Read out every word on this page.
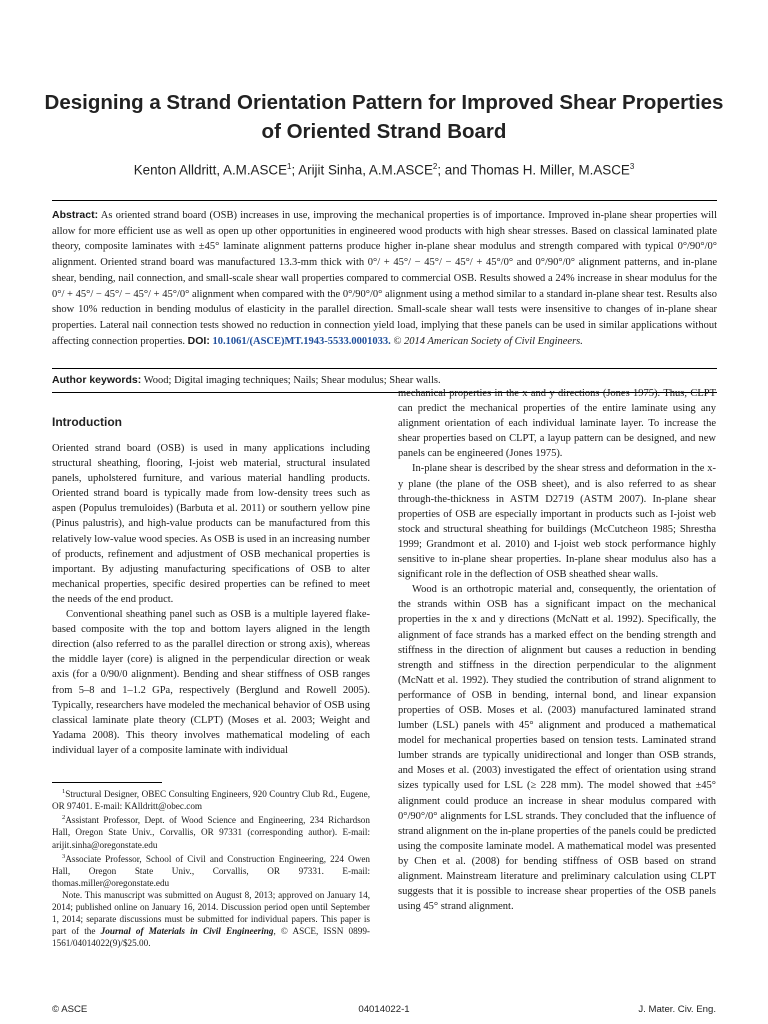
Designing a Strand Orientation Pattern for Improved Shear Properties of Oriented Strand Board
Kenton Alldritt, A.M.ASCE$^1$; Arijit Sinha, A.M.ASCE$^2$; and Thomas H. Miller, M.ASCE$^3$

Abstract: As oriented strand board (OSB) increases in use, improving the mechanical properties is of importance. Improved in-plane shear properties will allow for more efficient use as well as open up other opportunities in engineered wood products with high shear stresses. Based on classical laminated plate theory, composite laminates with ±45° laminate alignment patterns produce higher in-plane shear modulus and strength compared with typical 0°/90°/0° alignment. Oriented strand board was manufactured 13.3-mm thick with 0°/ + 45°/ − 45°/ − 45°/ + 45°/0° and 0°/90°/0° alignment patterns, and in-plane shear, bending, nail connection, and small-scale shear wall properties compared to commercial OSB. Results showed a 24% increase in shear modulus for the 0°/ + 45°/ − 45°/ − 45°/ + 45°/0° alignment when compared with the 0°/90°/0° alignment using a method similar to a standard in-plane shear test. Results also show 10% reduction in bending modulus of elasticity in the parallel direction. Small-scale shear wall tests were insensitive to changes of in-plane shear properties. Lateral nail connection tests showed no reduction in connection yield load, implying that these panels can be used in similar applications without affecting connection properties. DOI: 10.1061/(ASCE)MT.1943-5533.0001033. © 2014 American Society of Civil Engineers.

Author keywords: Wood; Digital imaging techniques; Nails; Shear modulus; Shear walls.

Introduction

Oriented strand board (OSB) is used in many applications including structural sheathing, flooring, I-joist web material, structural insulated panels, upholstered furniture, and various material handling products. Oriented strand board is typically made from low-density trees such as aspen (Populus tremuloides) (Barbuta et al. 2011) or southern yellow pine (Pinus palustris), and high-value products can be manufactured from this relatively low-value wood species. As OSB is used in an increasing number of products, refinement and adjustment of OSB mechanical properties is important. By adjusting manufacturing specifications of OSB to alter mechanical properties, specific desired properties can be refined to meet the needs of the end product.

Conventional sheathing panel such as OSB is a multiple layered flake-based composite with the top and bottom layers aligned in the length direction (also referred to as the parallel direction or strong axis), whereas the middle layer (core) is aligned in the perpendicular direction or weak axis (for a 0/90/0 alignment). Bending and shear stiffness of OSB ranges from 5–8 and 1–1.2 GPa, respectively (Berglund and Rowell 2005). Typically, researchers have modeled the mechanical behavior of OSB using classical laminate plate theory (CLPT) (Moses et al. 2003; Weight and Yadama 2008). This theory involves mathematical modeling of each individual layer of a composite laminate with individual

mechanical properties in the x and y directions (Jones 1975). Thus, CLPT can predict the mechanical properties of the entire laminate using any alignment orientation of each individual laminate layer. To increase the shear properties based on CLPT, a layup pattern can be designed, and new panels can be engineered (Jones 1975).

In-plane shear is described by the shear stress and deformation in the x-y plane (the plane of the OSB sheet), and is also referred to as shear through-the-thickness in ASTM D2719 (ASTM 2007). In-plane shear properties of OSB are especially important in products such as I-joist web stock and structural sheathing for buildings (McCutcheon 1985; Shrestha 1999; Grandmont et al. 2010) and I-joist web stock performance highly sensitive to in-plane shear properties. In-plane shear modulus also has a significant role in the deflection of OSB sheathed shear walls.

Wood is an orthotropic material and, consequently, the orientation of the strands within OSB has a significant impact on the mechanical properties in the x and y directions (McNatt et al. 1992). Specifically, the alignment of face strands has a marked effect on the bending strength and stiffness in the direction of alignment but causes a reduction in bending strength and stiffness in the direction perpendicular to the alignment (McNatt et al. 1992). They studied the contribution of strand alignment to performance of OSB in bending, internal bond, and linear expansion properties of OSB. Moses et al. (2003) manufactured laminated strand lumber (LSL) panels with 45° alignment and produced a mathematical model for mechanical properties based on tension tests. Laminated strand lumber strands are typically unidirectional and longer than OSB strands, and Moses et al. (2003) investigated the effect of orientation using strand sizes typically used for LSL (≥ 228 mm). The model showed that ±45° alignment could produce an increase in shear modulus compared with 0°/90°/0° alignments for LSL strands. They concluded that the influence of strand alignment on the in-plane properties of the panels could be predicted using the composite laminate model. A mathematical model was presented by Chen et al. (2008) for bending stiffness of OSB based on strand alignment. Mainstream literature and preliminary calculation using CLPT suggests that it is possible to increase shear properties of the OSB panels using 45° strand alignment.

$^1$Structural Designer, OBEC Consulting Engineers, 920 Country Club Rd., Eugene, OR 97401. E-mail: KAlldritt@obec.com

$^2$Assistant Professor, Dept. of Wood Science and Engineering, 234 Richardson Hall, Oregon State Univ., Corvallis, OR 97331 (corresponding author). E-mail: arijit.sinha@oregonstate.edu

$^3$Associate Professor, School of Civil and Construction Engineering, 224 Owen Hall, Oregon State Univ., Corvallis, OR 97331. E-mail: thomas.miller@oregonstate.edu

Note. This manuscript was submitted on August 8, 2013; approved on January 14, 2014; published online on January 16, 2014. Discussion period open until September 1, 2014; separate discussions must be submitted for individual papers. This paper is part of the Journal of Materials in Civil Engineering, © ASCE, ISSN 0899-1561/04014022(9)/$25.00.

© ASCE	04014022-1	J. Mater. Civ. Eng.
